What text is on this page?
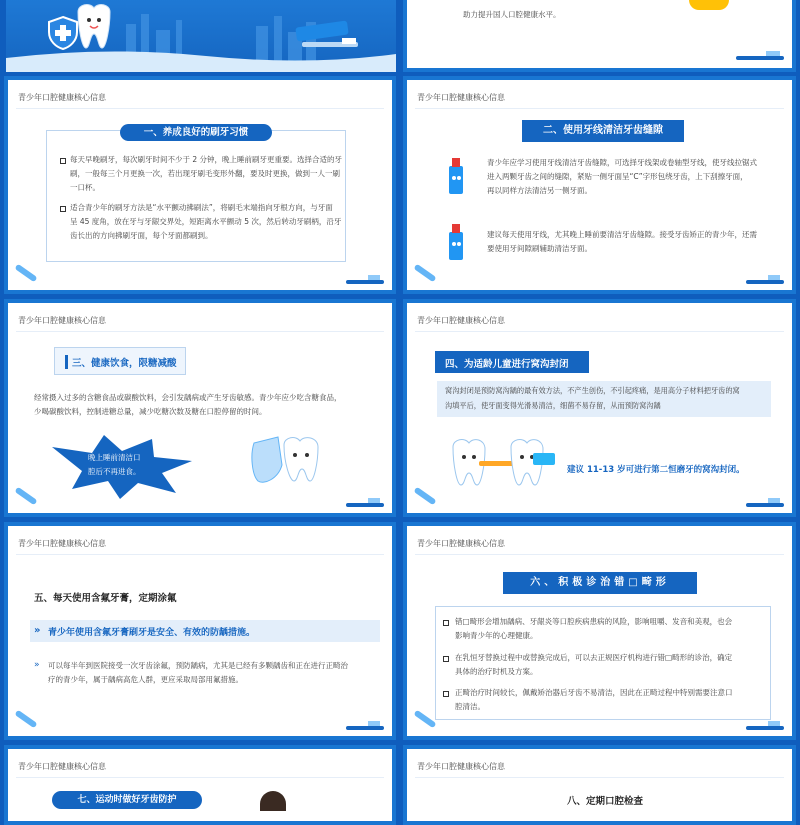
助力提升国人口腔健康水平。
青少年口腔健康核心信息
一、养成良好的刷牙习惯
每天早晚刷牙，每次刷牙时间不少于 2 分钟，晚上睡前刷牙更重要。选择合适的牙
刷，一般每三个月更换一次，若出现牙刷毛变形外翻，要及时更换，做到一人一刷
一口杯。
适合青少年的刷牙方法是“水平颤动拂刷法”，将刷毛末端指向牙根方向，与牙面
呈 45 度角，放在牙与牙龈交界处，短距离水平颤动 5 次，然后转动牙刷柄，沿牙
齿长出的方向拂刷牙面，每个牙面都刷到。
青少年口腔健康核心信息
二、使用牙线清洁牙齿缝隙
青少年应学习使用牙线清洁牙齿缝隙，可选择牙线架或卷轴型牙线，使牙线拉锯式
进入两颗牙齿之间的缝隙，紧贴一侧牙面呈“C”字形包绕牙齿，上下刮擦牙面，
再以同样方法清洁另一侧牙面。
建议每天使用牙线，尤其晚上睡前要清洁牙齿缝隙。接受牙齿矫正的青少年，还需
要使用牙间隙刷辅助清洁牙面。
青少年口腔健康核心信息
三、健康饮食，限糖减酸
经常摄入过多的含糖食品或碳酸饮料，会引发龋病或产生牙齿敏感。青少年应少吃含糖食品，
少喝碳酸饮料，控制进糖总量，减少吃糖次数及糖在口腔停留的时间。
晚上睡前清洁口
腔后不再进食。
青少年口腔健康核心信息
四、为适龄儿童进行窝沟封闭
窝沟封闭是预防窝沟龋的最有效方法，不产生创伤，不引起疼痛，是用高分子材料把牙齿的窝
沟填平后，使牙面变得光滑易清洁，细菌不易存留，从而预防窝沟龋
建议 11-13 岁可进行第二恒磨牙的窝沟封闭。
青少年口腔健康核心信息
五、每天使用含氟牙膏，定期涂氟
» 青少年使用含氟牙膏刷牙是安全、有效的防龋措施。
» 可以每半年到医院接受一次牙齿涂氟，预防龋病，尤其是已经有多颗龋齿和正在进行正畸治
疗的青少年，属于龋病高危人群，更应采取局部用氟措施。
青少年口腔健康核心信息
六、积极诊治错□畸形
错□畸形会增加龋病、牙龈炎等口腔疾病患病的风险，影响咀嚼、发音和美观，也会
影响青少年的心理健康。
在乳恒牙替换过程中或替换完成后，可以去正规医疗机构进行错□畸形的诊治，确定
具体的治疗时机及方案。
正畸治疗时间较长，佩戴矫治器后牙齿不易清洁，因此在正畸过程中特别需要注意口
腔清洁。
青少年口腔健康核心信息
七、运动时做好牙齿防护
青少年口腔健康核心信息
八、定期口腔检查
